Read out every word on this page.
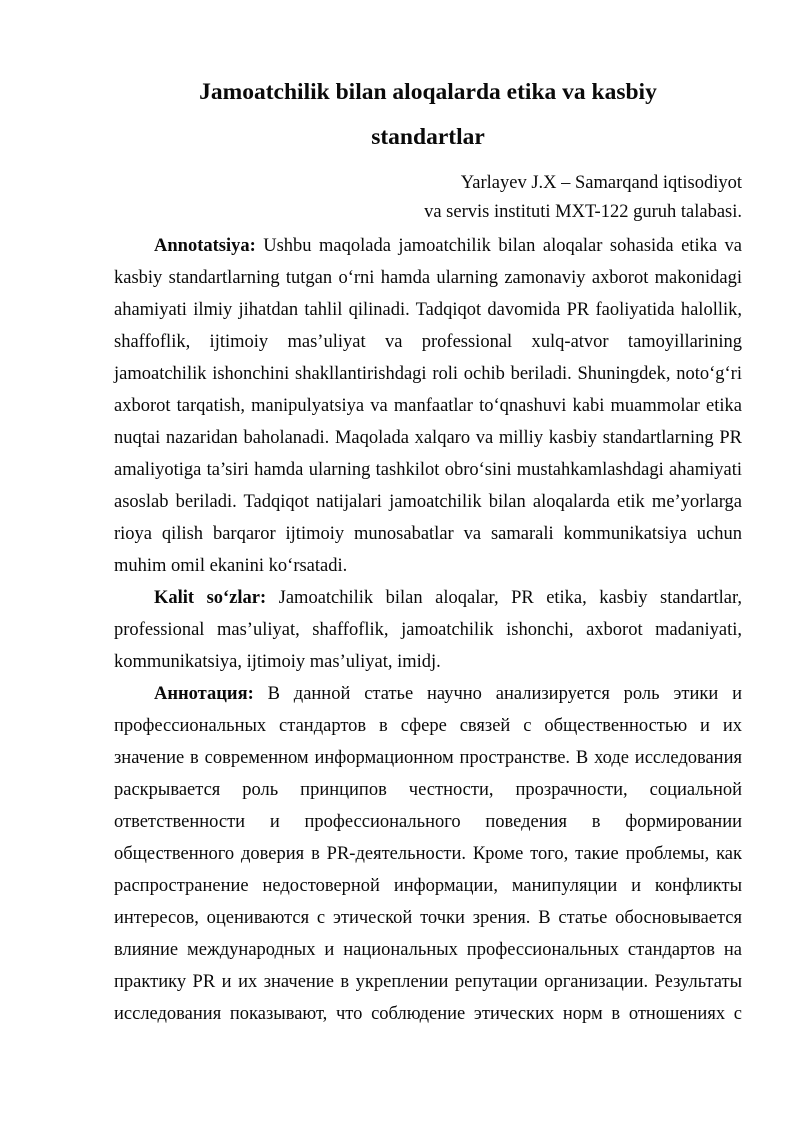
Jamoatchilik bilan aloqalarda etika va kasbiy
standartlar
Yarlayev J.X – Samarqand iqtisodiyot
va servis instituti MXT-122 guruh talabasi.
Annotatsiya: Ushbu maqolada jamoatchilik bilan aloqalar sohasida etika va
kasbiy standartlarning tutgan o‘rni hamda ularning zamonaviy axborot makonidagi
ahamiyati ilmiy jihatdan tahlil qilinadi. Tadqiqot davomida PR faoliyatida halollik,
shaffoflik, ijtimoiy mas’uliyat va professional xulq-atvor tamoyillarining
jamoatchilik ishonchini shakllantirishdagi roli ochib beriladi. Shuningdek, noto‘g‘ri
axborot tarqatish, manipulyatsiya va manfaatlar to‘qnashuvi kabi muammolar etika
nuqtai nazaridan baholanadi. Maqolada xalqaro va milliy kasbiy standartlarning PR
amaliyotiga ta’siri hamda ularning tashkilot obro‘sini mustahkamlashdagi ahamiyati
asoslab beriladi. Tadqiqot natijalari jamoatchilik bilan aloqalarda etik me’yorlarga
rioya qilish barqaror ijtimoiy munosabatlar va samarali kommunikatsiya uchun
muhim omil ekanini ko‘rsatadi.
Kalit so‘zlar: Jamoatchilik bilan aloqalar, PR etika, kasbiy standartlar,
professional mas’uliyat, shaffoflik, jamoatchilik ishonchi, axborot madaniyati,
kommunikatsiya, ijtimoiy mas’uliyat, imidj.
Аннотация: В данной статье научно анализируется роль этики и
профессиональных стандартов в сфере связей с общественностью и их
значение в современном информационном пространстве. В ходе исследования
раскрывается роль принципов честности, прозрачности, социальной
ответственности и профессионального поведения в формировании
общественного доверия в PR-деятельности. Кроме того, такие проблемы, как
распространение недостоверной информации, манипуляции и конфликты
интересов, оцениваются с этической точки зрения. В статье обосновывается
влияние международных и национальных профессиональных стандартов на
практику PR и их значение в укреплении репутации организации. Результаты
исследования показывают, что соблюдение этических норм в отношениях с
